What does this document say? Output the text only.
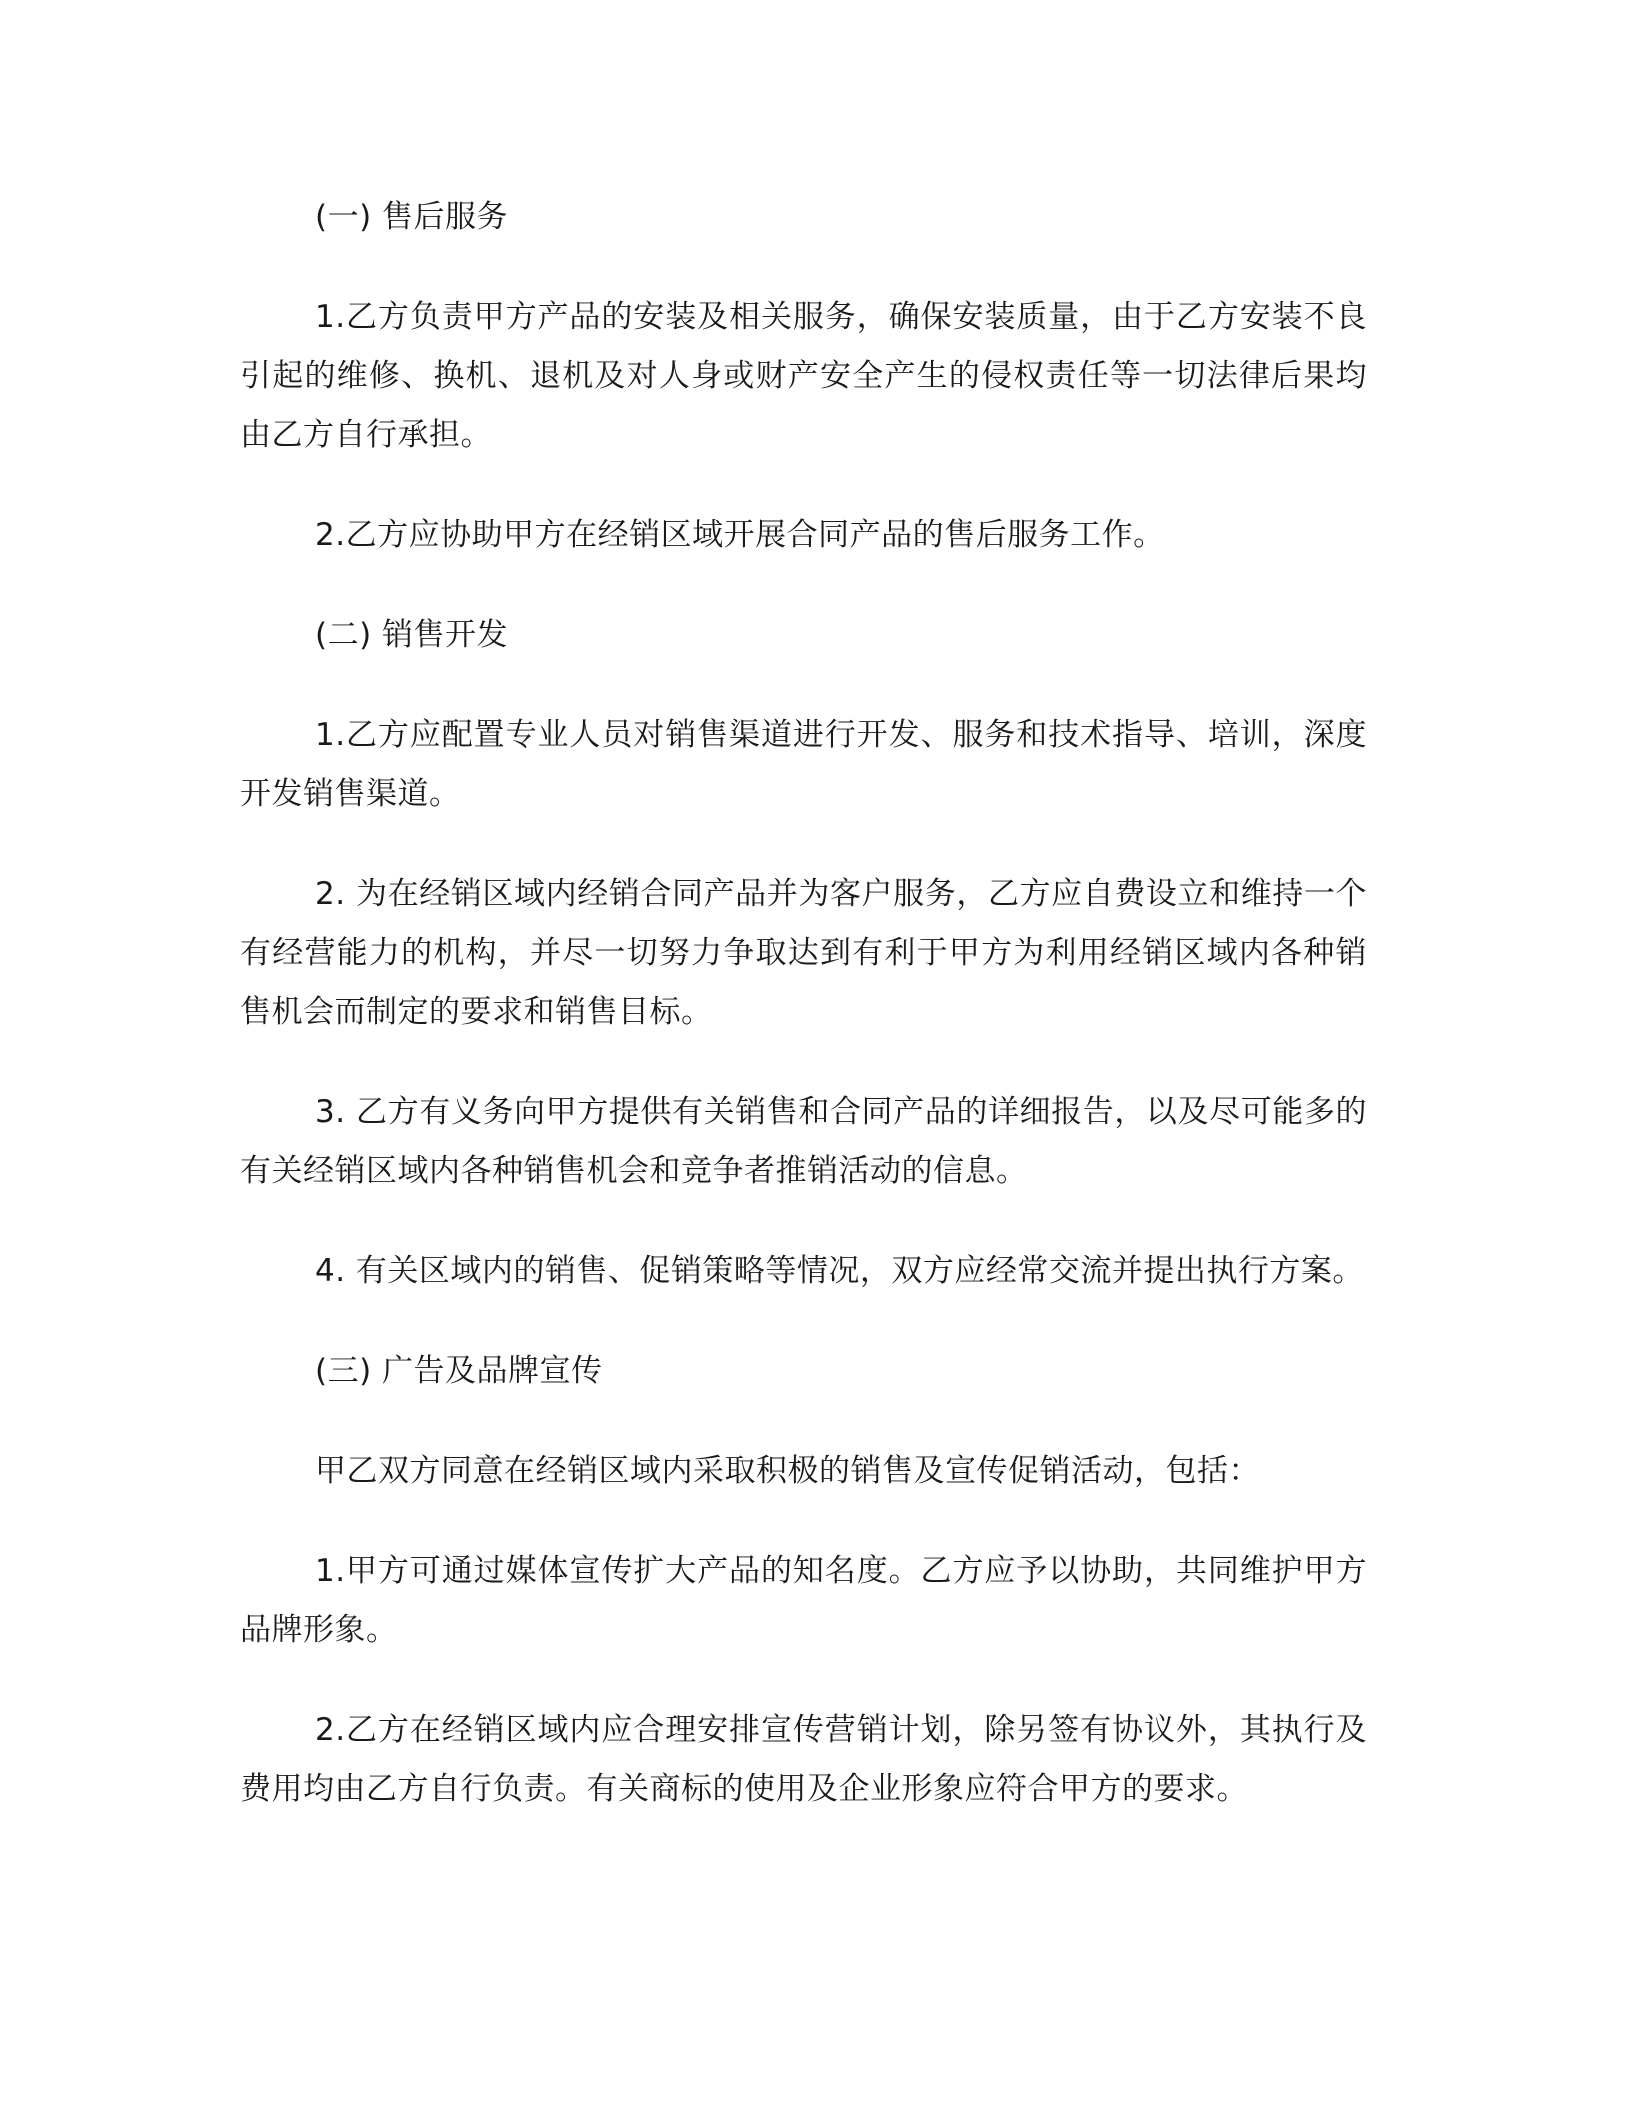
(一) 售后服务

1.乙方负责甲方产品的安装及相关服务，确保安装质量，由于乙方安装不良引起的维修、换机、退机及对人身或财产安全产生的侵权责任等一切法律后果均由乙方自行承担。

2.乙方应协助甲方在经销区域开展合同产品的售后服务工作。

(二) 销售开发

1.乙方应配置专业人员对销售渠道进行开发、服务和技术指导、培训，深度开发销售渠道。

2. 为在经销区域内经销合同产品并为客户服务，乙方应自费设立和维持一个有经营能力的机构，并尽一切努力争取达到有利于甲方为利用经销区域内各种销售机会而制定的要求和销售目标。

3. 乙方有义务向甲方提供有关销售和合同产品的详细报告，以及尽可能多的有关经销区域内各种销售机会和竞争者推销活动的信息。

4. 有关区域内的销售、促销策略等情况，双方应经常交流并提出执行方案。

(三) 广告及品牌宣传

甲乙双方同意在经销区域内采取积极的销售及宣传促销活动，包括：

1.甲方可通过媒体宣传扩大产品的知名度。乙方应予以协助，共同维护甲方品牌形象。

2.乙方在经销区域内应合理安排宣传营销计划，除另签有协议外，其执行及费用均由乙方自行负责。有关商标的使用及企业形象应符合甲方的要求。
